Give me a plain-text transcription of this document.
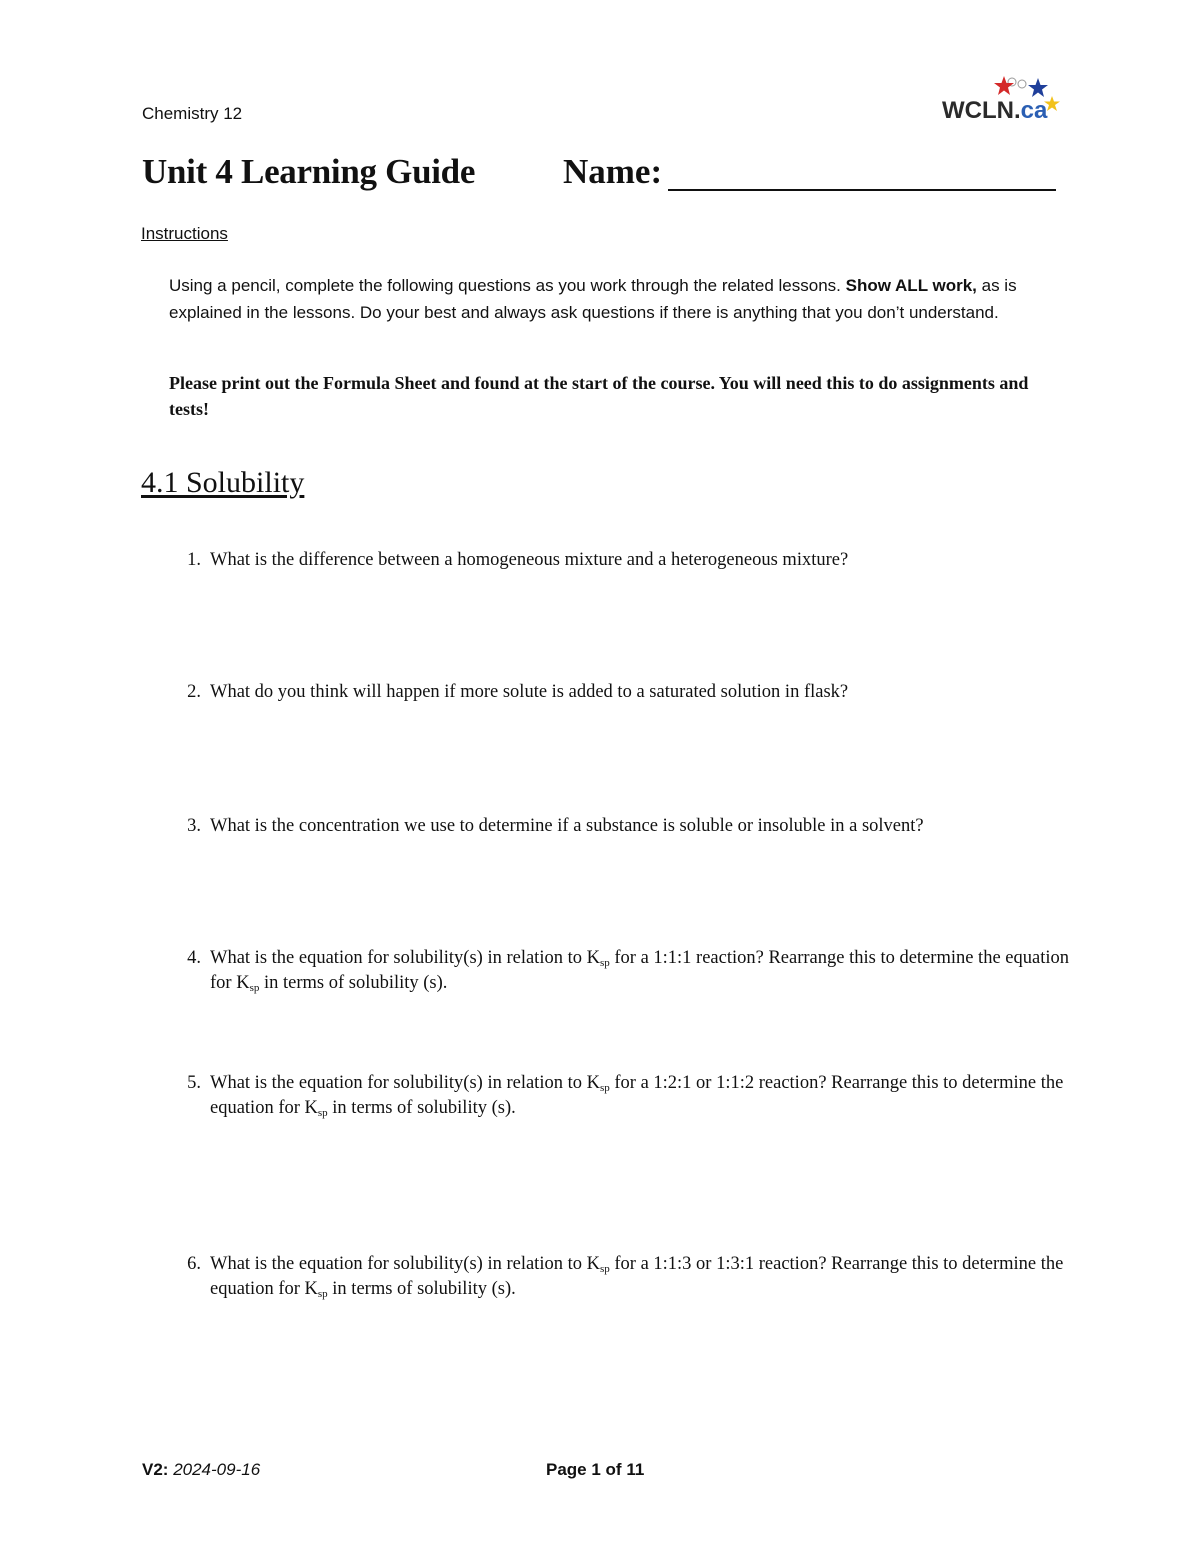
Chemistry 12	WCLN.ca
Unit 4 Learning Guide	Name:
Instructions
Using a pencil, complete the following questions as you work through the related lessons. Show ALL work, as is explained in the lessons. Do your best and always ask questions if there is anything that you don’t understand.
Please print out the Formula Sheet and found at the start of the course. You will need this to do assignments and tests!
4.1 Solubility
1. What is the difference between a homogeneous mixture and a heterogeneous mixture?
2. What do you think will happen if more solute is added to a saturated solution in flask?
3. What is the concentration we use to determine if a substance is soluble or insoluble in a solvent?
4. What is the equation for solubility(s) in relation to $K_{sp}$ for a 1:1:1 reaction? Rearrange this to determine the equation for $K_{sp}$ in terms of solubility (s).
5. What is the equation for solubility(s) in relation to $K_{sp}$ for a 1:2:1 or 1:1:2 reaction? Rearrange this to determine the equation for $K_{sp}$ in terms of solubility (s).
6. What is the equation for solubility(s) in relation to $K_{sp}$ for a 1:1:3 or 1:3:1 reaction? Rearrange this to determine the equation for $K_{sp}$ in terms of solubility (s).
V2: 2024-09-16	Page 1 of 11
